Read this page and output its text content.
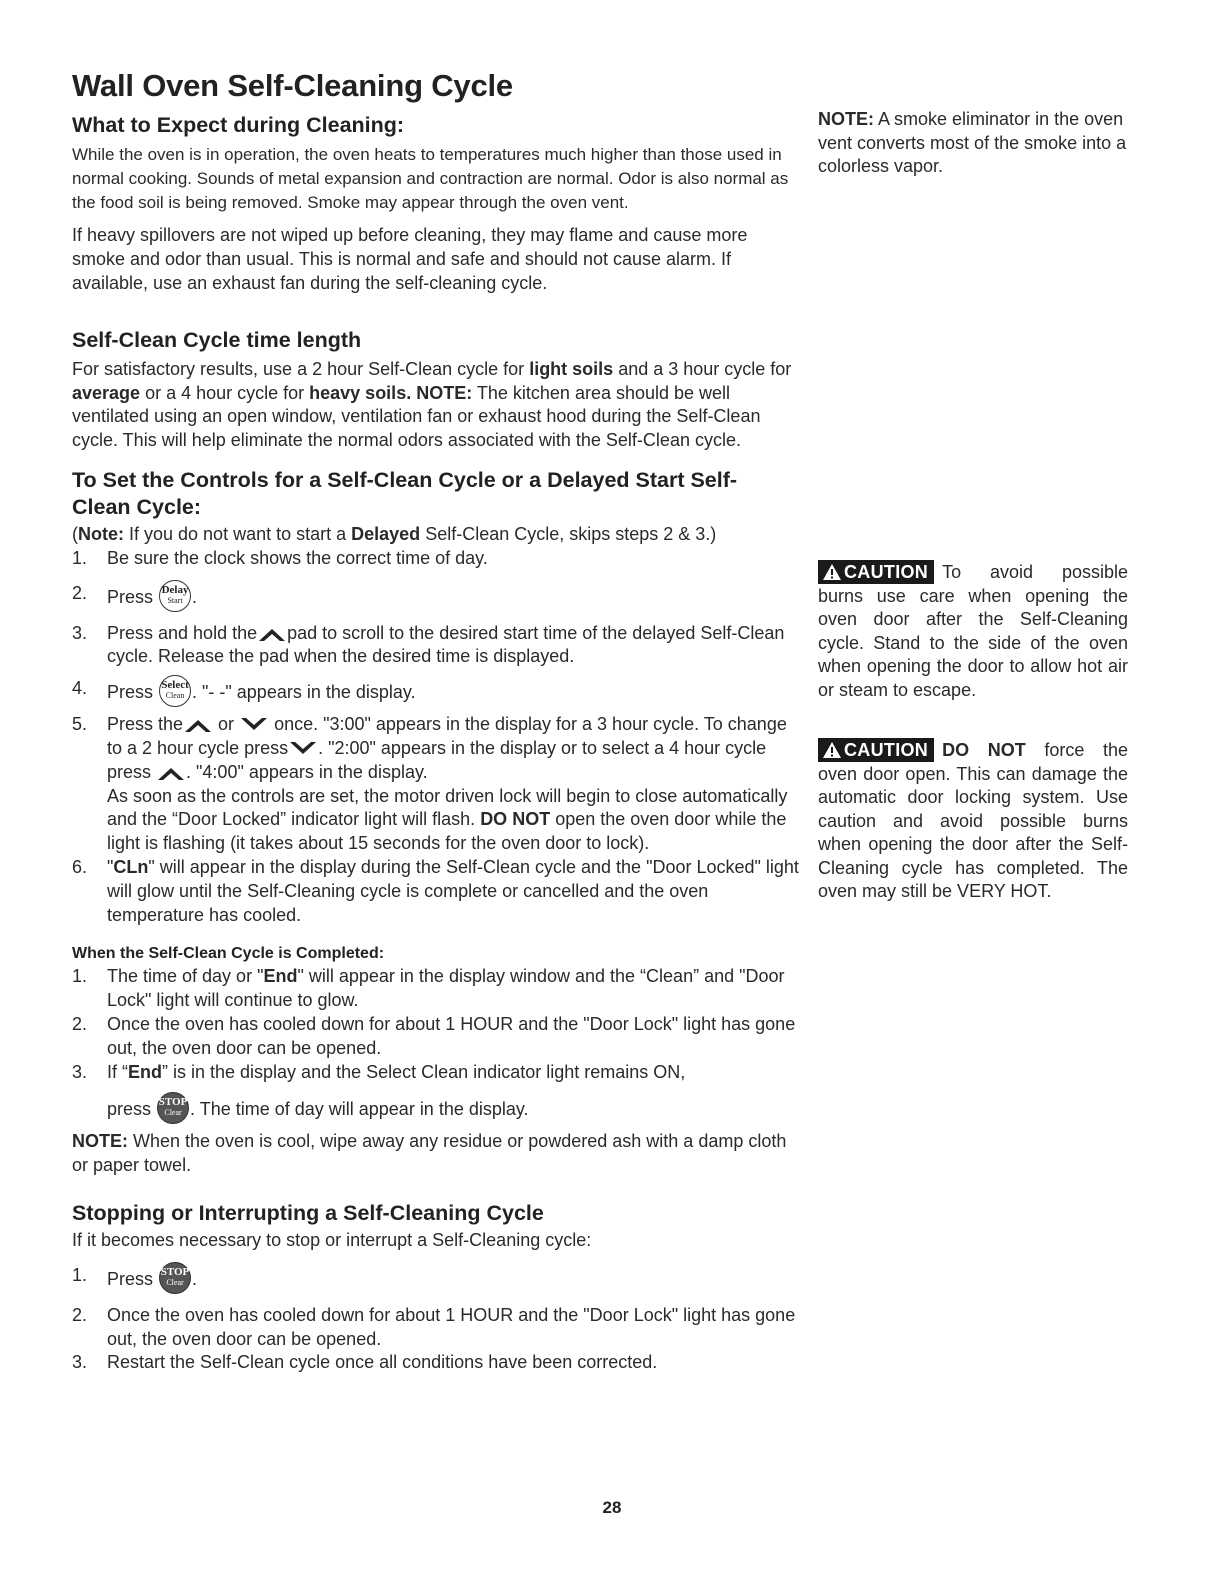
Wall Oven Self-Cleaning Cycle
What to Expect during Cleaning:

While the oven is in operation, the oven heats to temperatures much higher than those used in normal cooking. Sounds of metal expansion and contraction are normal. Odor is also normal as the food soil is being removed. Smoke may appear through the oven vent.

If heavy spillovers are not wiped up before cleaning, they may flame and cause more smoke and odor than usual. This is normal and safe and should not cause alarm. If available, use an exhaust fan during the self-cleaning cycle.

Self-Clean Cycle time length

For satisfactory results, use a 2 hour Self-Clean cycle for light soils and a 3 hour cycle for average or a 4 hour cycle for heavy soils. NOTE: The kitchen area should be well ventilated using an open window, ventilation fan or exhaust hood during the Self-Clean cycle. This will help eliminate the normal odors associated with the Self-Clean cycle.

To Set the Controls for a Self-Clean Cycle or a Delayed Start Self-Clean Cycle:

(Note: If you do not want to start a Delayed Self-Clean Cycle, skips steps 2 & 3.)

1. Be sure the clock shows the correct time of day.
2. Press Delay
Start .
3. Press and hold the pad to scroll to the desired start time of the delayed Self-Clean cycle. Release the pad when the desired time is displayed.
4. Press Select
Clean . "- -" appears in the display.
5. Press the or  once. "3:00" appears in the display for a 3 hour cycle. To change to a 2 hour cycle press . "2:00" appears in the display or to select a 4 hour cycle press . "4:00" appears in the display.
As soon as the controls are set, the motor driven lock will begin to close automatically and the “Door Locked” indicator light will flash. DO NOT open the oven door while the light is flashing (it takes about 15 seconds for the oven door to lock).
6. "CLn" will appear in the display during the Self-Clean cycle and the "Door Locked" light will glow until the Self-Cleaning cycle is complete or cancelled and the oven temperature has cooled.
When the Self-Clean Cycle is Completed:
1. The time of day or "End" will appear in the display window and the “Clean” and "Door Lock" light will continue to glow.
2. Once the oven has cooled down for about 1 HOUR and the "Door Lock" light has gone out, the oven door can be opened.
3. If “End” is in the display and the Select Clean indicator light remains ON,
press STOP
Clear . The time of day will appear in the display.

NOTE: When the oven is cool, wipe away any residue or powdered ash with a damp cloth or paper towel.

Stopping or Interrupting a Self-Cleaning Cycle

If it becomes necessary to stop or interrupt a Self-Cleaning cycle:

1. Press STOP
Clear .
2. Once the oven has cooled down for about 1 HOUR and the "Door Lock" light has gone out, the oven door can be opened.
3. Restart the Self-Clean cycle once all conditions have been corrected.
NOTE: A smoke eliminator in the oven vent converts most of the smoke into a colorless vapor.
CAUTION To avoid possible burns use care when opening the oven door after the Self-Cleaning cycle. Stand to the side of the oven when opening the door to allow hot air or steam to escape.
CAUTION DO NOT force the oven door open. This can damage the automatic door locking system. Use caution and avoid possible burns when opening the door after the Self-Cleaning cycle has completed. The oven may still be VERY HOT.
28
